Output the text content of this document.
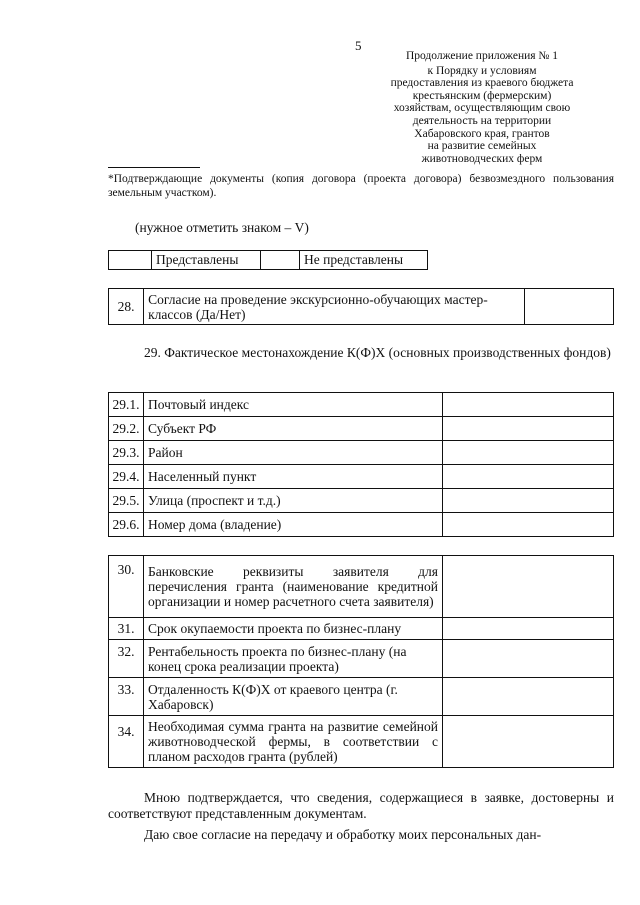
5
Продолжение приложения № 1
к Порядку и условиям
предоставления из краевого бюджета
крестьянским (фермерским)
хозяйствам, осуществляющим свою
деятельность на территории
Хабаровского края, грантов
на развитие семейных
животноводческих ферм
*Подтверждающие документы (копия договора (проекта договора) безвозмездного пользования земельным участком).
(нужное отметить знаком – V)
	Представлены		Не представлены
28.	Согласие на проведение экскурсионно-обучающих мастер-классов (Да/Нет)	
29. Фактическое местонахождение К(Ф)Х (основных производственных фондов)
29.1.	Почтовый индекс	
29.2.	Субъект РФ	
29.3.	Район	
29.4.	Населенный пункт	
29.5.	Улица (проспект и т.д.)	
29.6.	Номер дома (владение)	
30.	Банковские реквизиты заявителя для перечисления гранта (наименование кредитной организации и номер расчетного счета заявителя)	
31.	Срок окупаемости проекта по бизнес-плану	
32.	Рентабельность проекта по бизнес-плану (на конец срока реализации проекта)	
33.	Отдаленность К(Ф)Х от краевого центра (г. Хабаровск)	
34.	Необходимая сумма гранта на развитие семейной животноводческой фермы, в соответствии с планом расходов гранта (рублей)	
Мною подтверждается, что сведения, содержащиеся в заявке, достоверны и соответствуют представленным документам.
Даю свое согласие на передачу и обработку моих персональных дан-
